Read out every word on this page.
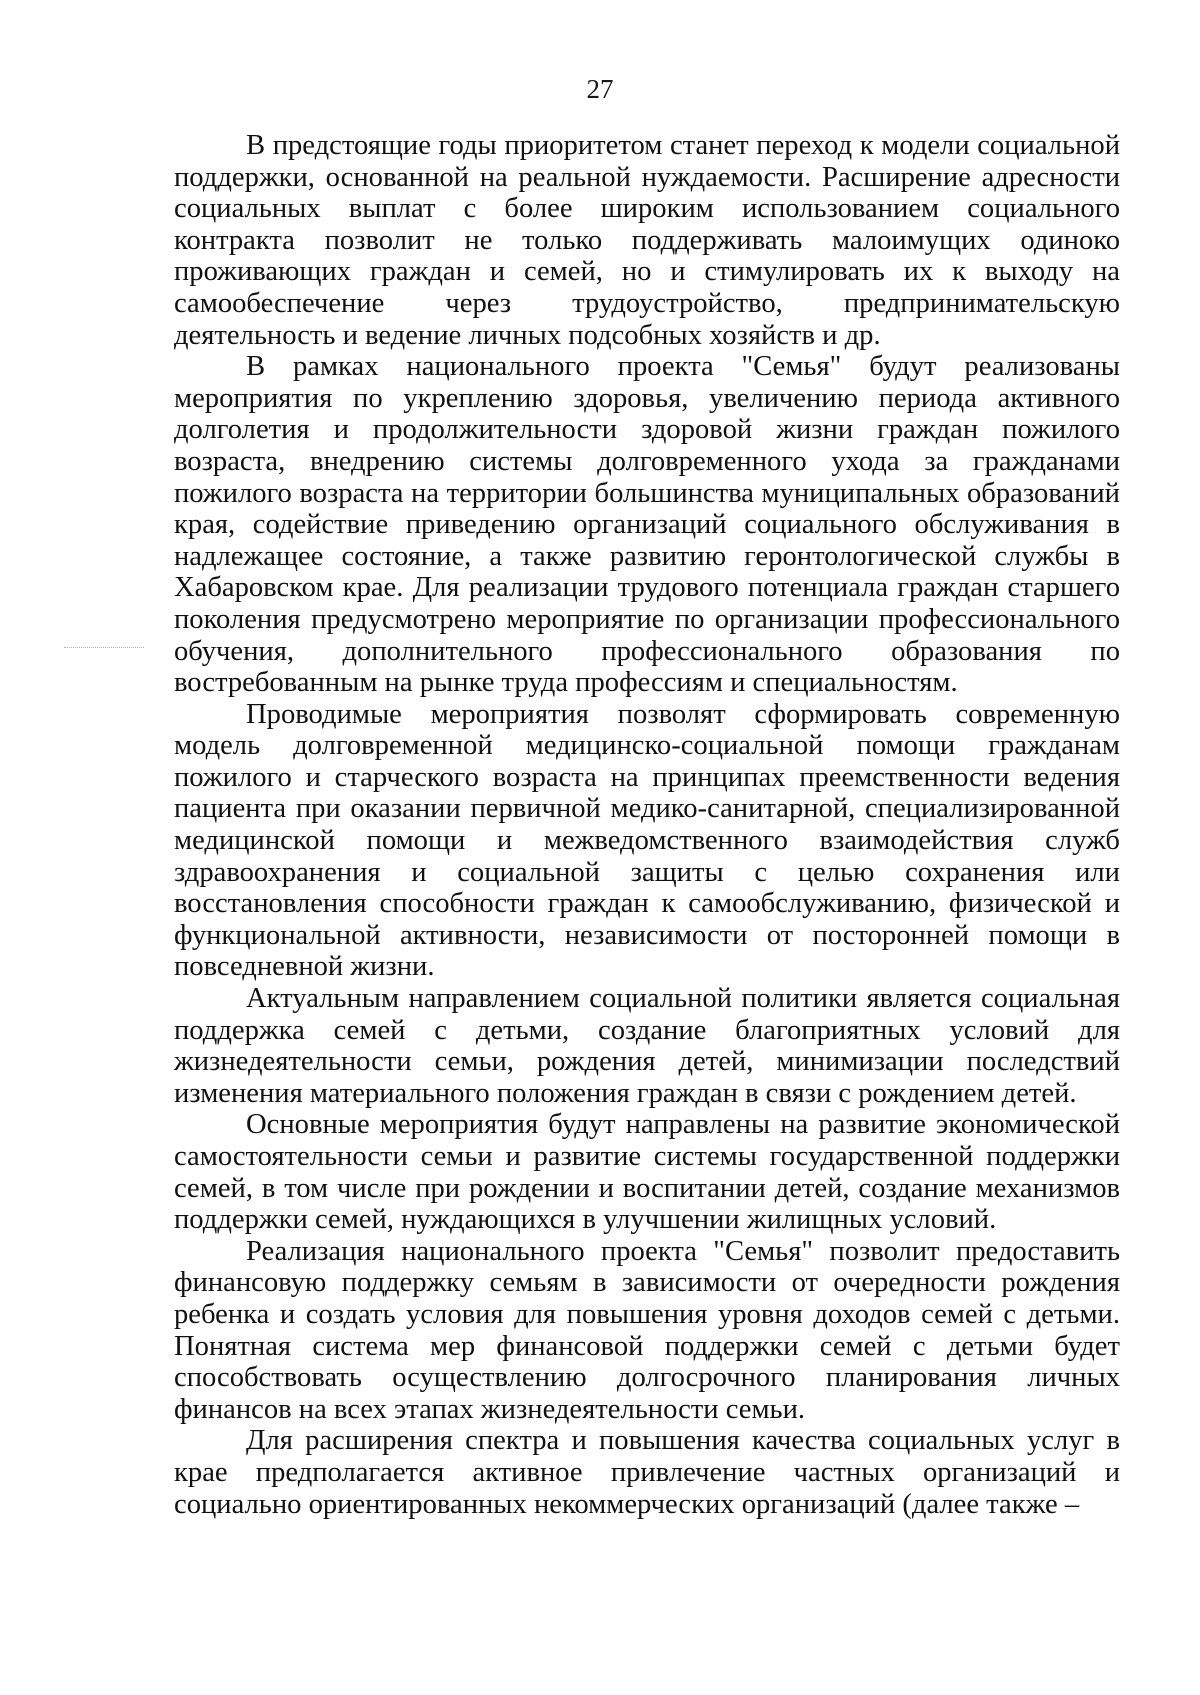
27

В предстоящие годы приоритетом станет переход к модели социальной поддержки, основанной на реальной нуждаемости. Расширение адресности социальных выплат с более широким использованием социального контракта позволит не только поддерживать малоимущих одиноко проживающих граждан и семей, но и стимулировать их к выходу на самообеспечение через трудоустройство, предпринимательскую деятельность и ведение личных подсобных хозяйств и др.

В рамках национального проекта "Семья" будут реализованы мероприятия по укреплению здоровья, увеличению периода активного долголетия и продолжительности здоровой жизни граждан пожилого возраста, внедрению системы долговременного ухода за гражданами пожилого возраста на территории большинства муниципальных образований края, содействие приведению организаций социального обслуживания в надлежащее состояние, а также развитию геронтологической службы в Хабаровском крае. Для реализации трудового потенциала граждан старшего поколения предусмотрено мероприятие по организации профессионального обучения, дополнительного профессионального образования по востребованным на рынке труда профессиям и специальностям.

Проводимые мероприятия позволят сформировать современную модель долговременной медицинско-социальной помощи гражданам пожилого и старческого возраста на принципах преемственности ведения пациента при оказании первичной медико-санитарной, специализированной медицинской помощи и межведомственного взаимодействия служб здравоохранения и социальной защиты с целью сохранения или восстановления способности граждан к самообслуживанию, физической и функциональной активности, независимости от посторонней помощи в повседневной жизни.

Актуальным направлением социальной политики является социальная поддержка семей с детьми, создание благоприятных условий для жизнедеятельности семьи, рождения детей, минимизации последствий изменения материального положения граждан в связи с рождением детей.

Основные мероприятия будут направлены на развитие экономической самостоятельности семьи и развитие системы государственной поддержки семей, в том числе при рождении и воспитании детей, создание механизмов поддержки семей, нуждающихся в улучшении жилищных условий.

Реализация национального проекта "Семья" позволит предоставить финансовую поддержку семьям в зависимости от очередности рождения ребенка и создать условия для повышения уровня доходов семей с детьми. Понятная система мер финансовой поддержки семей с детьми будет способствовать осуществлению долгосрочного планирования личных финансов на всех этапах жизнедеятельности семьи.

Для расширения спектра и повышения качества социальных услуг в крае предполагается активное привлечение частных организаций и социально ориентированных некоммерческих организаций (далее также –
